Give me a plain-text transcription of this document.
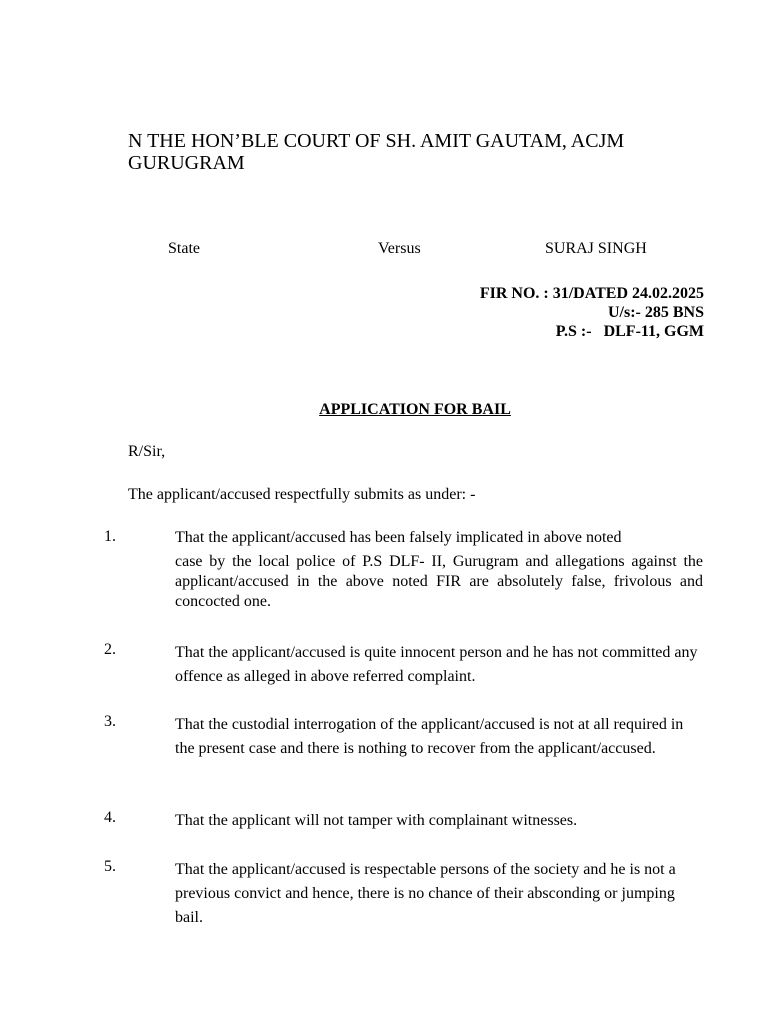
N THE HON’BLE COURT OF SH. AMIT GAUTAM, ACJM
GURUGRAM
State	Versus	SURAJ SINGH
FIR NO. : 31/DATED 24.02.2025
U/s:- 285 BNS
P.S :-   DLF-11, GGM
APPLICATION FOR BAIL
R/Sir,
The applicant/accused respectfully submits as under: -
1.	That the applicant/accused has been falsely implicated in above noted
case by the local police of P.S DLF- II, Gurugram and allegations against the applicant/accused in the above noted FIR are absolutely false, frivolous and concocted one.
2.	That the applicant/accused is quite innocent person and he has not committed any offence as alleged in above referred complaint.
3.	That the custodial interrogation of the applicant/accused is not at all required in the present case and there is nothing to recover from the applicant/accused.
4.	That the applicant will not tamper with complainant witnesses.
5.	That the applicant/accused is respectable persons of the society and he is not a previous convict and hence, there is no chance of their absconding or jumping bail.
